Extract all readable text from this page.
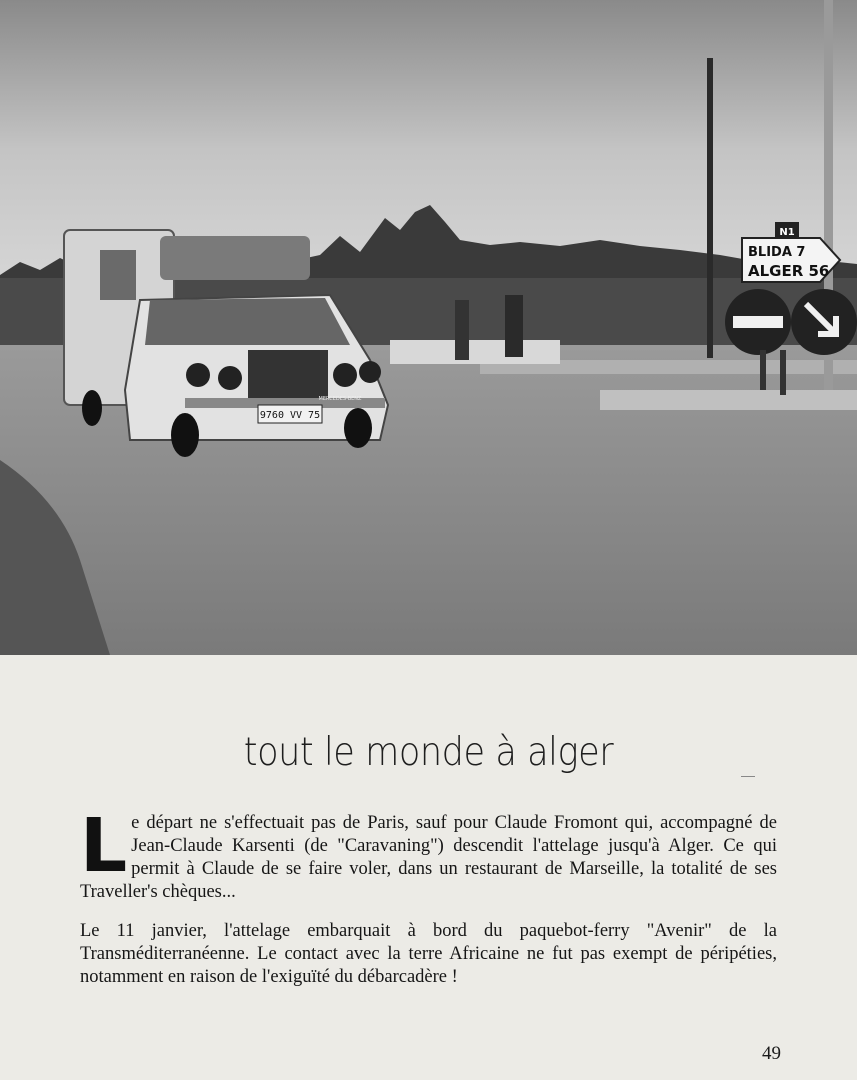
9760 VV 75
MERCEDES-BENZ
N1
BLIDA 7
ALGER 56
tout le monde à alger

Le départ ne s'effectuait pas de Paris, sauf pour Claude Fromont qui, accompagné de Jean-Claude Karsenti (de "Caravaning") descendit l'attelage jusqu'à Alger. Ce qui permit à Claude de se faire voler, dans un restaurant de Marseille, la totalité de ses Traveller's chèques...

Le 11 janvier, l'attelage embarquait à bord du paquebot-ferry "Avenir" de la Transméditerranéenne. Le contact avec la terre Africaine ne fut pas exempt de péripéties, notamment en raison de l'exiguïté du débarcadère !

49
